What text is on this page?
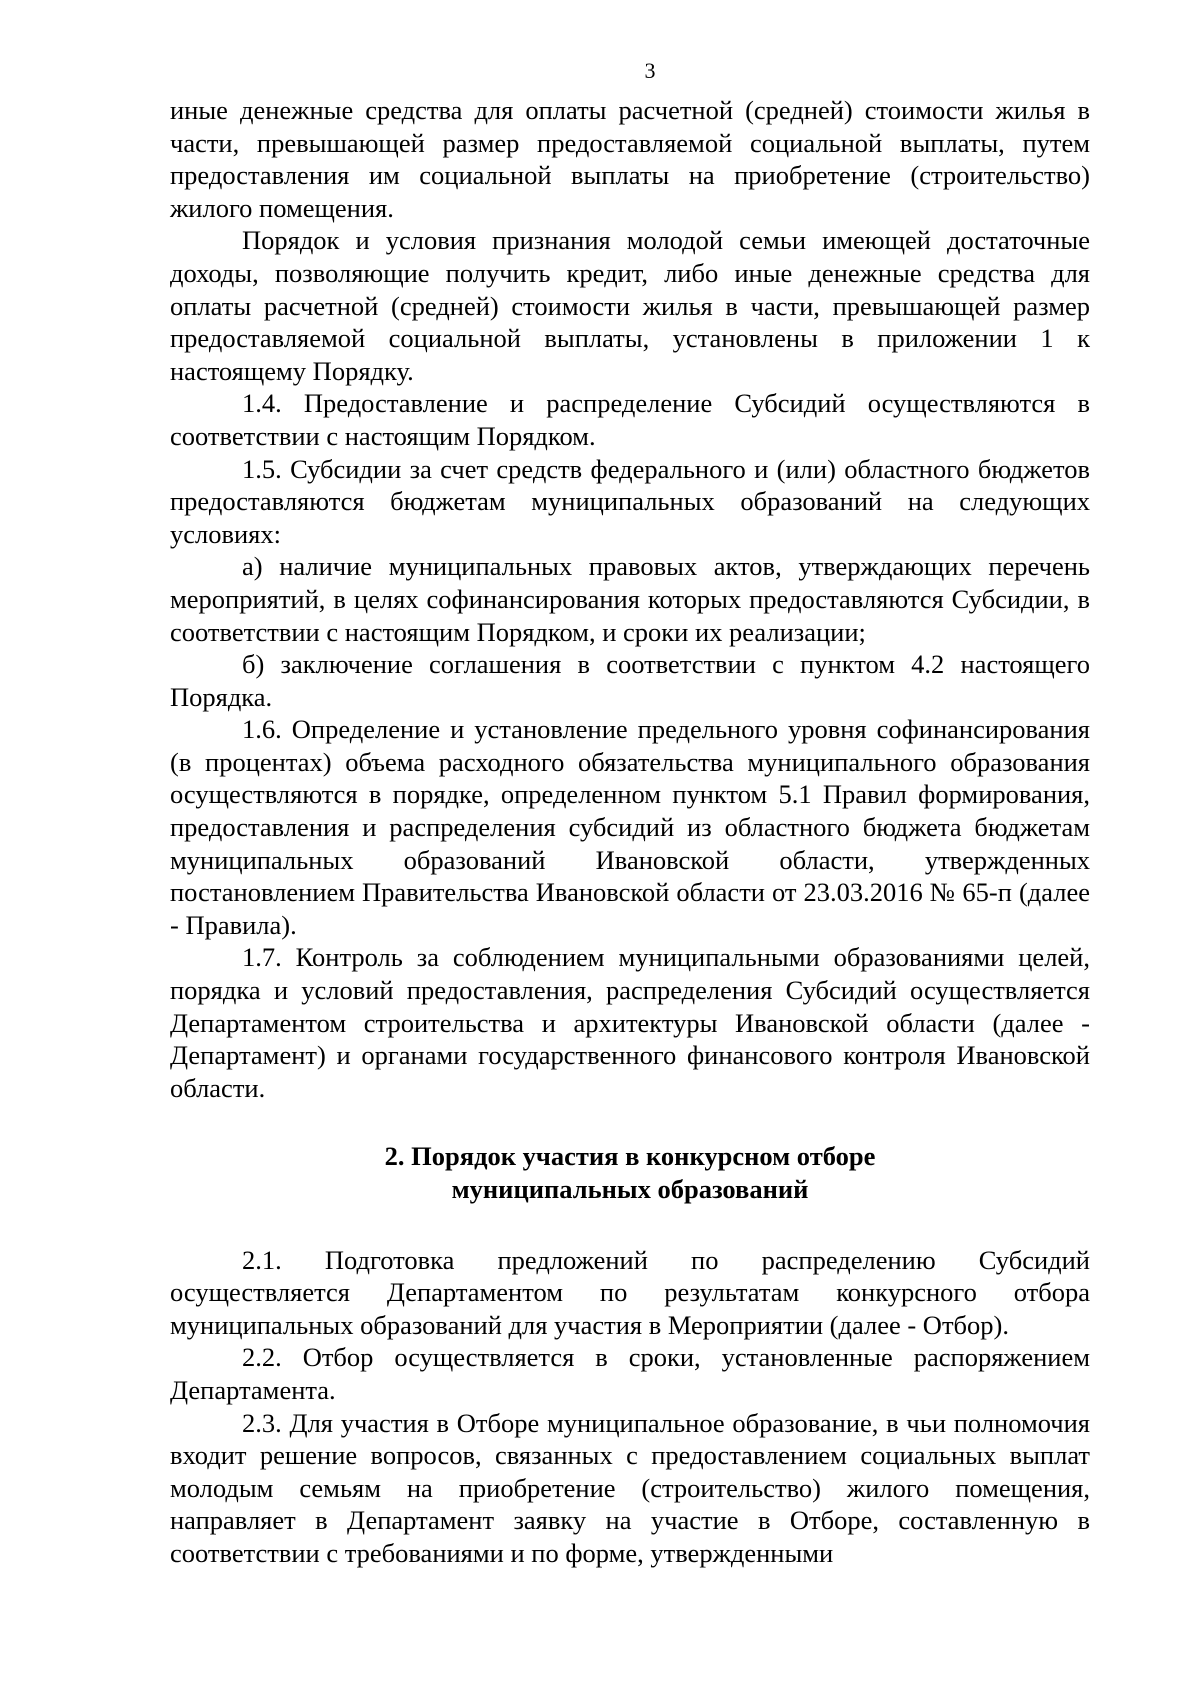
3

иные денежные средства для оплаты расчетной (средней) стоимости жилья в части, превышающей размер предоставляемой социальной выплаты, путем предоставления им социальной выплаты на приобретение (строительство) жилого помещения.

Порядок и условия признания молодой семьи имеющей достаточные доходы, позволяющие получить кредит, либо иные денежные средства для оплаты расчетной (средней) стоимости жилья в части, превышающей размер предоставляемой социальной выплаты, установлены в приложении 1 к настоящему Порядку.

1.4. Предоставление и распределение Субсидий осуществляются в соответствии с настоящим Порядком.

1.5. Субсидии за счет средств федерального и (или) областного бюджетов предоставляются бюджетам муниципальных образований на следующих условиях:

а) наличие муниципальных правовых актов, утверждающих перечень мероприятий, в целях софинансирования которых предоставляются Субсидии, в соответствии с настоящим Порядком, и сроки их реализации;

б) заключение соглашения в соответствии с пунктом 4.2 настоящего Порядка.

1.6. Определение и установление предельного уровня софинансирования (в процентах) объема расходного обязательства муниципального образования осуществляются в порядке, определенном пунктом 5.1 Правил формирования, предоставления и распределения субсидий из областного бюджета бюджетам муниципальных образований Ивановской области, утвержденных постановлением Правительства Ивановской области от 23.03.2016 № 65-п (далее - Правила).

1.7. Контроль за соблюдением муниципальными образованиями целей, порядка и условий предоставления, распределения Субсидий осуществляется Департаментом строительства и архитектуры Ивановской области (далее - Департамент) и органами государственного финансового контроля Ивановской области.

2. Порядок участия в конкурсном отборе
муниципальных образований

2.1. Подготовка предложений по распределению Субсидий осуществляется Департаментом по результатам конкурсного отбора муниципальных образований для участия в Мероприятии (далее - Отбор).

2.2. Отбор осуществляется в сроки, установленные распоряжением Департамента.

2.3. Для участия в Отборе муниципальное образование, в чьи полномочия входит решение вопросов, связанных с предоставлением социальных выплат молодым семьям на приобретение (строительство) жилого помещения, направляет в Департамент заявку на участие в Отборе, составленную в соответствии с требованиями и по форме, утвержденными
